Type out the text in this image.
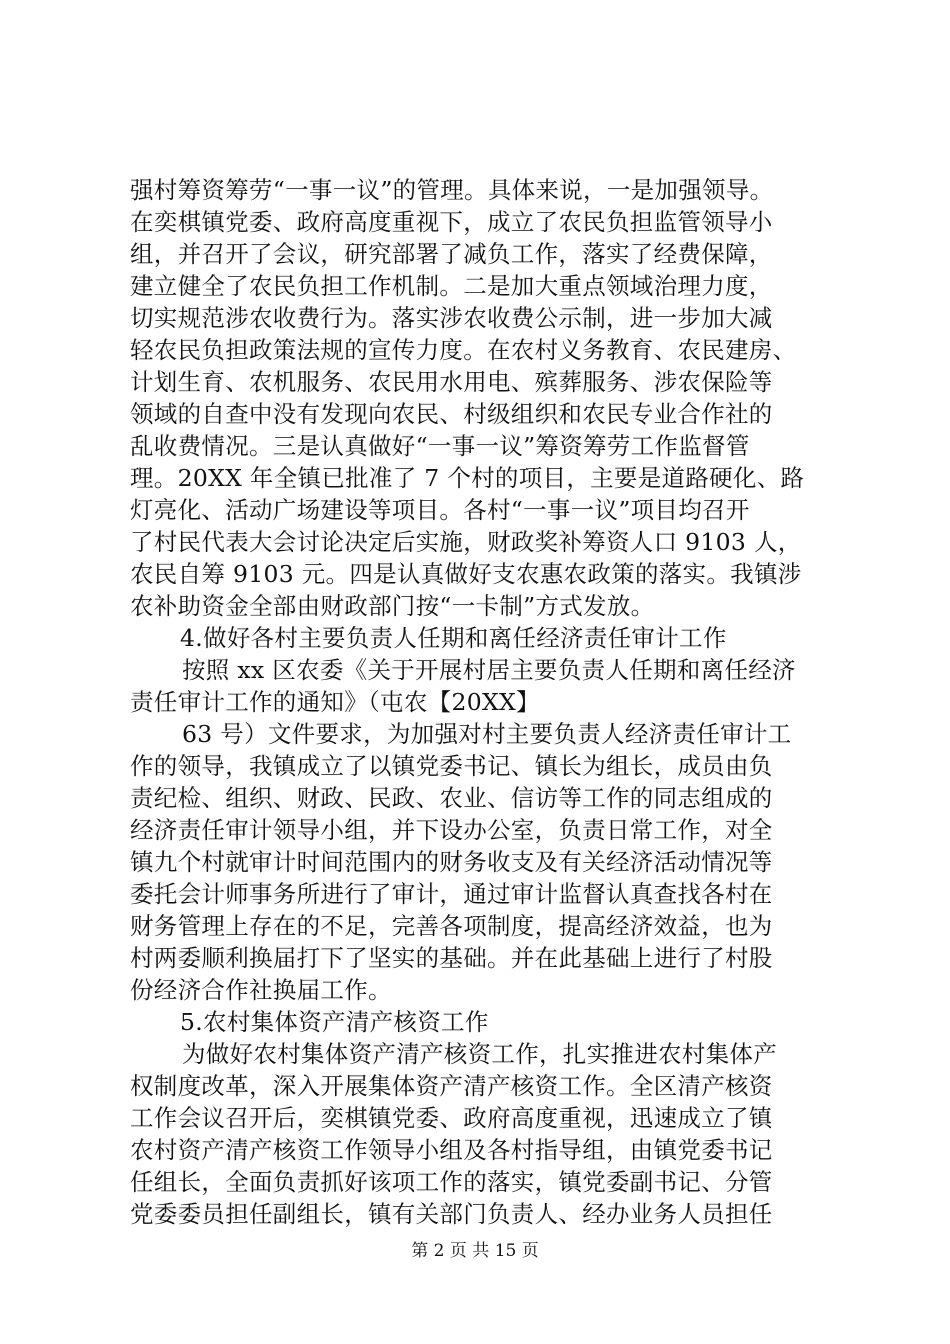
强村筹资筹劳“一事一议”的管理。具体来说，一是加强领导。
在奕棋镇党委、政府高度重视下，成立了农民负担监管领导小
组，并召开了会议，研究部署了减负工作，落实了经费保障，
建立健全了农民负担工作机制。二是加大重点领域治理力度，
切实规范涉农收费行为。落实涉农收费公示制，进一步加大减
轻农民负担政策法规的宣传力度。在农村义务教育、农民建房、
计划生育、农机服务、农民用水用电、殡葬服务、涉农保险等
领域的自查中没有发现向农民、村级组织和农民专业合作社的
乱收费情况。三是认真做好“一事一议”筹资筹劳工作监督管
理。20XX 年全镇已批准了 7 个村的项目，主要是道路硬化、路
灯亮化、活动广场建设等项目。各村“一事一议”项目均召开
了村民代表大会讨论决定后实施，财政奖补筹资人口 9103 人，
农民自筹 9103 元。四是认真做好支农惠农政策的落实。我镇涉
农补助资金全部由财政部门按“一卡制”方式发放。
4.做好各村主要负责人任期和离任经济责任审计工作
按照 xx 区农委《关于开展村居主要负责人任期和离任经济
责任审计工作的通知》（屯农【20XX】
63 号）文件要求，为加强对村主要负责人经济责任审计工
作的领导，我镇成立了以镇党委书记、镇长为组长，成员由负
责纪检、组织、财政、民政、农业、信访等工作的同志组成的
经济责任审计领导小组，并下设办公室，负责日常工作，对全
镇九个村就审计时间范围内的财务收支及有关经济活动情况等
委托会计师事务所进行了审计，通过审计监督认真查找各村在
财务管理上存在的不足，完善各项制度，提高经济效益，也为
村两委顺利换届打下了坚实的基础。并在此基础上进行了村股
份经济合作社换届工作。
5.农村集体资产清产核资工作
为做好农村集体资产清产核资工作，扎实推进农村集体产
权制度改革，深入开展集体资产清产核资工作。全区清产核资
工作会议召开后，奕棋镇党委、政府高度重视，迅速成立了镇
农村资产清产核资工作领导小组及各村指导组，由镇党委书记
任组长，全面负责抓好该项工作的落实，镇党委副书记、分管
党委委员担任副组长，镇有关部门负责人、经办业务人员担任
第 2 页 共 15 页
